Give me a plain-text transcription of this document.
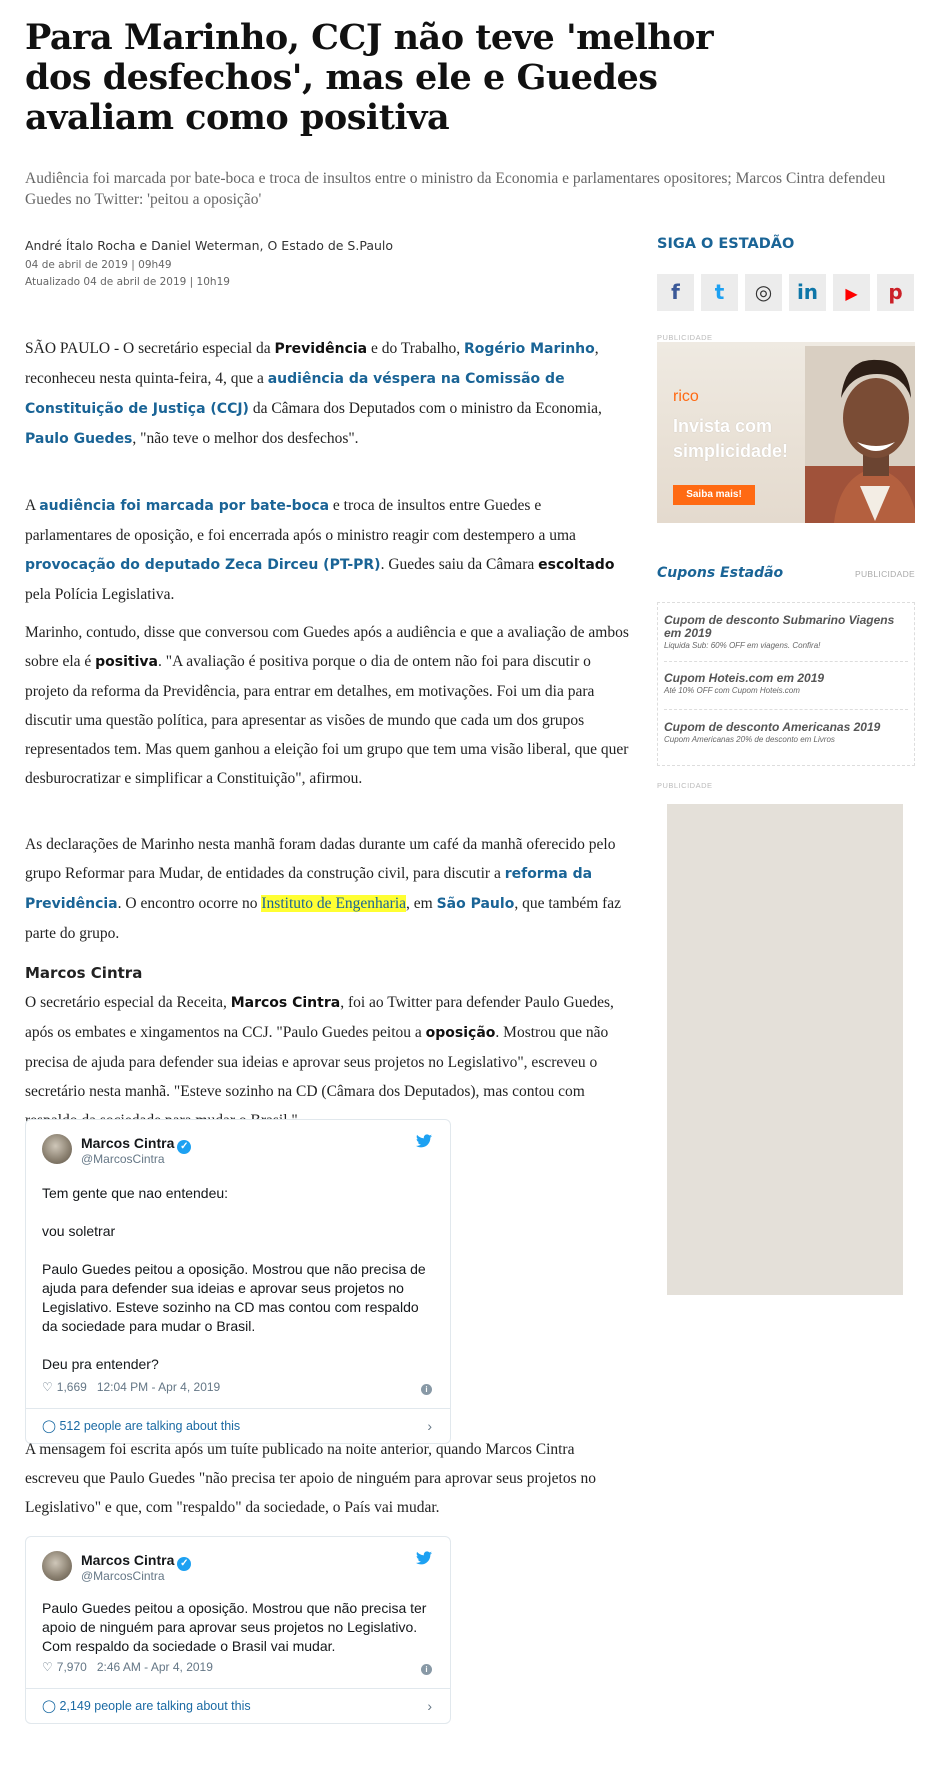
Para Marinho, CCJ não teve 'melhor dos desfechos', mas ele e Guedes avaliam como positiva
Audiência foi marcada por bate-boca e troca de insultos entre o ministro da Economia e parlamentares opositores; Marcos Cintra defendeu Guedes no Twitter: 'peitou a oposição'
André Ítalo Rocha e Daniel Weterman, O Estado de S.Paulo
04 de abril de 2019 | 09h49
Atualizado 04 de abril de 2019 | 10h19

SÃO PAULO - O secretário especial da Previdência e do Trabalho, Rogério Marinho, reconheceu nesta quinta-feira, 4, que a audiência da véspera na Comissão de Constituição de Justiça (CCJ) da Câmara dos Deputados com o ministro da Economia, Paulo Guedes, "não teve o melhor dos desfechos".

A audiência foi marcada por bate-boca e troca de insultos entre Guedes e parlamentares de oposição, e foi encerrada após o ministro reagir com destempero a uma provocação do deputado Zeca Dirceu (PT-PR). Guedes saiu da Câmara escoltado pela Polícia Legislativa.

Marinho, contudo, disse que conversou com Guedes após a audiência e que a avaliação de ambos sobre ela é positiva. "A avaliação é positiva porque o dia de ontem não foi para discutir o projeto da reforma da Previdência, para entrar em detalhes, em motivações. Foi um dia para discutir uma questão política, para apresentar as visões de mundo que cada um dos grupos representados tem. Mas quem ganhou a eleição foi um grupo que tem uma visão liberal, que quer desburocratizar e simplificar a Constituição", afirmou.

As declarações de Marinho nesta manhã foram dadas durante um café da manhã oferecido pelo grupo Reformar para Mudar, de entidades da construção civil, para discutir a reforma da Previdência. O encontro ocorre no Instituto de Engenharia, em São Paulo, que também faz parte do grupo.

Marcos Cintra

O secretário especial da Receita, Marcos Cintra, foi ao Twitter para defender Paulo Guedes, após os embates e xingamentos na CCJ. "Paulo Guedes peitou a oposição. Mostrou que não precisa de ajuda para defender sua ideias e aprovar seus projetos no Legislativo", escreveu o secretário nesta manhã. "Esteve sozinho na CD (Câmara dos Deputados), mas contou com

Marcos Cintra ✓
@MarcosCintra
Tem gente que nao entendeu:

vou soletrar

Paulo Guedes peitou a oposição. Mostrou que não precisa de ajuda para defender sua ideias e aprovar seus projetos no Legislativo. Esteve sozinho na CD mas contou com respaldo da sociedade para mudar o Brasil.

Deu pra entender?
♡ 1,669 12:04 PM - Apr 4, 2019	i
◯ 512 people are talking about this	›

A mensagem foi escrita após um tuíte publicado na noite anterior, quando Marcos Cintra escreveu que Paulo Guedes "não precisa ter apoio de ninguém para aprovar seus projetos no Legislativo" e que, com "respaldo" da sociedade, o País vai mudar.

Marcos Cintra ✓
@MarcosCintra
Paulo Guedes peitou a oposição. Mostrou que não precisa ter apoio de ninguém para aprovar seus projetos no Legislativo. Com respaldo da sociedade o Brasil vai mudar.
♡ 7,970 2:46 AM - Apr 4, 2019	i
◯ 2,149 people are talking about this	›
SIGA O ESTADÃO
f	t	◎	in	▶	p
PUBLICIDADE
rico
Invista com simplicidade!
Saiba mais!
Cupons Estadão	PUBLICIDADE
Cupom de desconto Submarino Viagens em 2019
Liquida Sub: 60% OFF em viagens. Confira!
Cupom Hoteis.com em 2019
Até 10% OFF com Cupom Hoteis.com
Cupom de desconto Americanas 2019
Cupom Americanas 20% de desconto em Livros
PUBLICIDADE
